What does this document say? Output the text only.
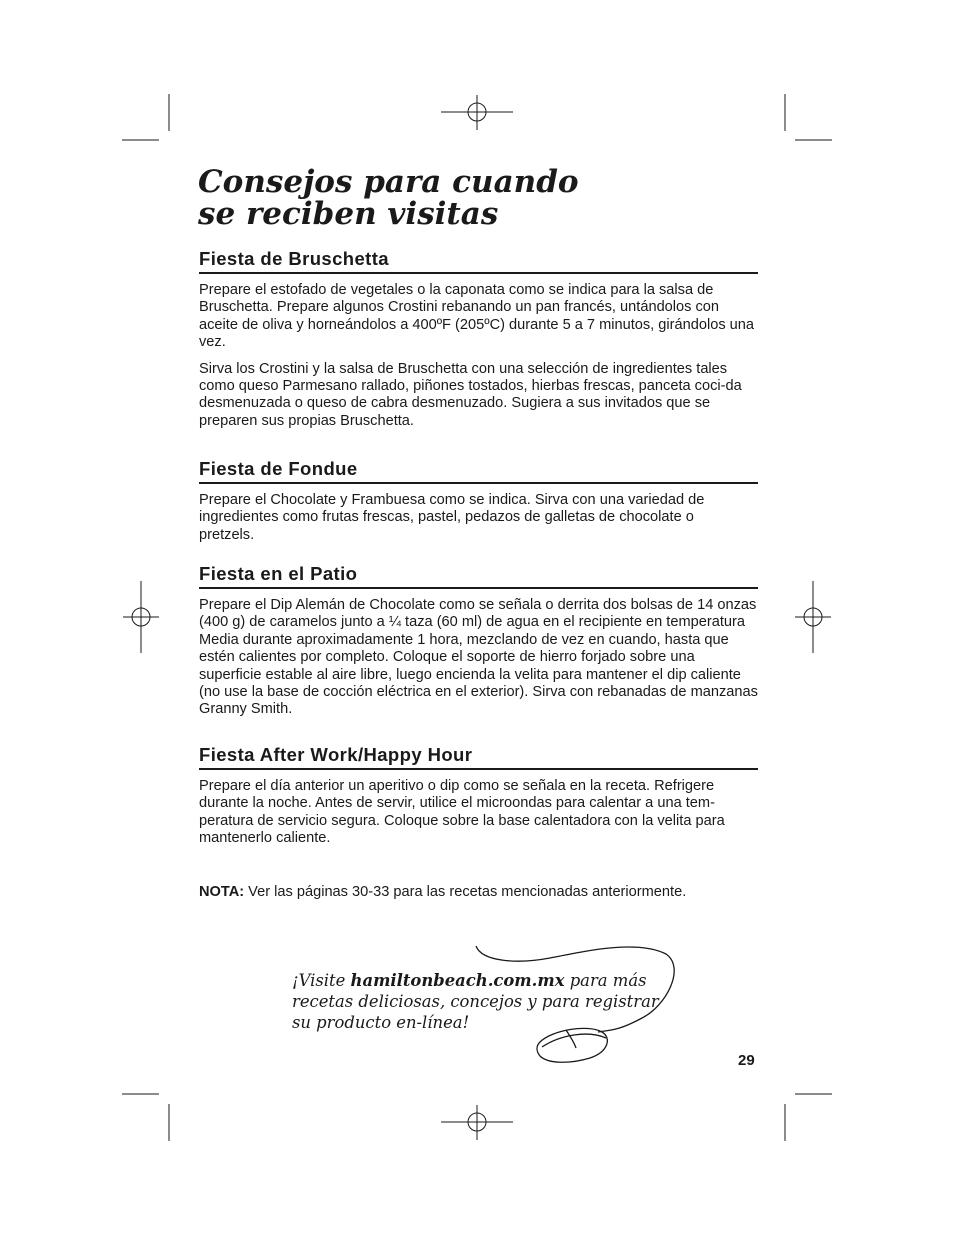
Consejos para cuando
se reciben visitas
Fiesta de Bruschetta

Prepare el estofado de vegetales o la caponata como se indica para la salsa de Bruschetta. Prepare algunos Crostini rebanando un pan francés, untándolos con aceite de oliva y horneándolos a 400ºF (205ºC) durante 5 a 7 minutos, girándolos una vez.

Sirva los Crostini y la salsa de Bruschetta con una selección de ingredientes tales como queso Parmesano rallado, piñones tostados, hierbas frescas, panceta coci-da desmenuzada o queso de cabra desmenuzado. Sugiera a sus invitados que se preparen sus propias Bruschetta.

Fiesta de Fondue

Prepare el Chocolate y Frambuesa como se indica. Sirva con una variedad de ingredientes como frutas frescas, pastel, pedazos de galletas de chocolate o pretzels.

Fiesta en el Patio

Prepare el Dip Alemán de Chocolate como se señala o derrita dos bolsas de 14 onzas (400 g) de caramelos junto a ¼ taza (60 ml) de agua en el recipiente en temperatura Media durante aproximadamente 1 hora, mezclando de vez en cuando, hasta que estén calientes por completo. Coloque el soporte de hierro forjado sobre una superficie estable al aire libre, luego encienda la velita para mantener el dip caliente (no use la base de cocción eléctrica en el exterior). Sirva con rebanadas de manzanas Granny Smith.

Fiesta After Work/Happy Hour

Prepare el día anterior un aperitivo o dip como se señala en la receta. Refrigere durante la noche. Antes de servir, utilice el microondas para calentar a una tem-peratura de servicio segura. Coloque sobre la base calentadora con la velita para mantenerlo caliente.

NOTA: Ver las páginas 30-33 para las recetas mencionadas anteriormente.

¡Visite hamiltonbeach.com.mx para más recetas deliciosas, concejos y para registrar su producto en-línea!

29
